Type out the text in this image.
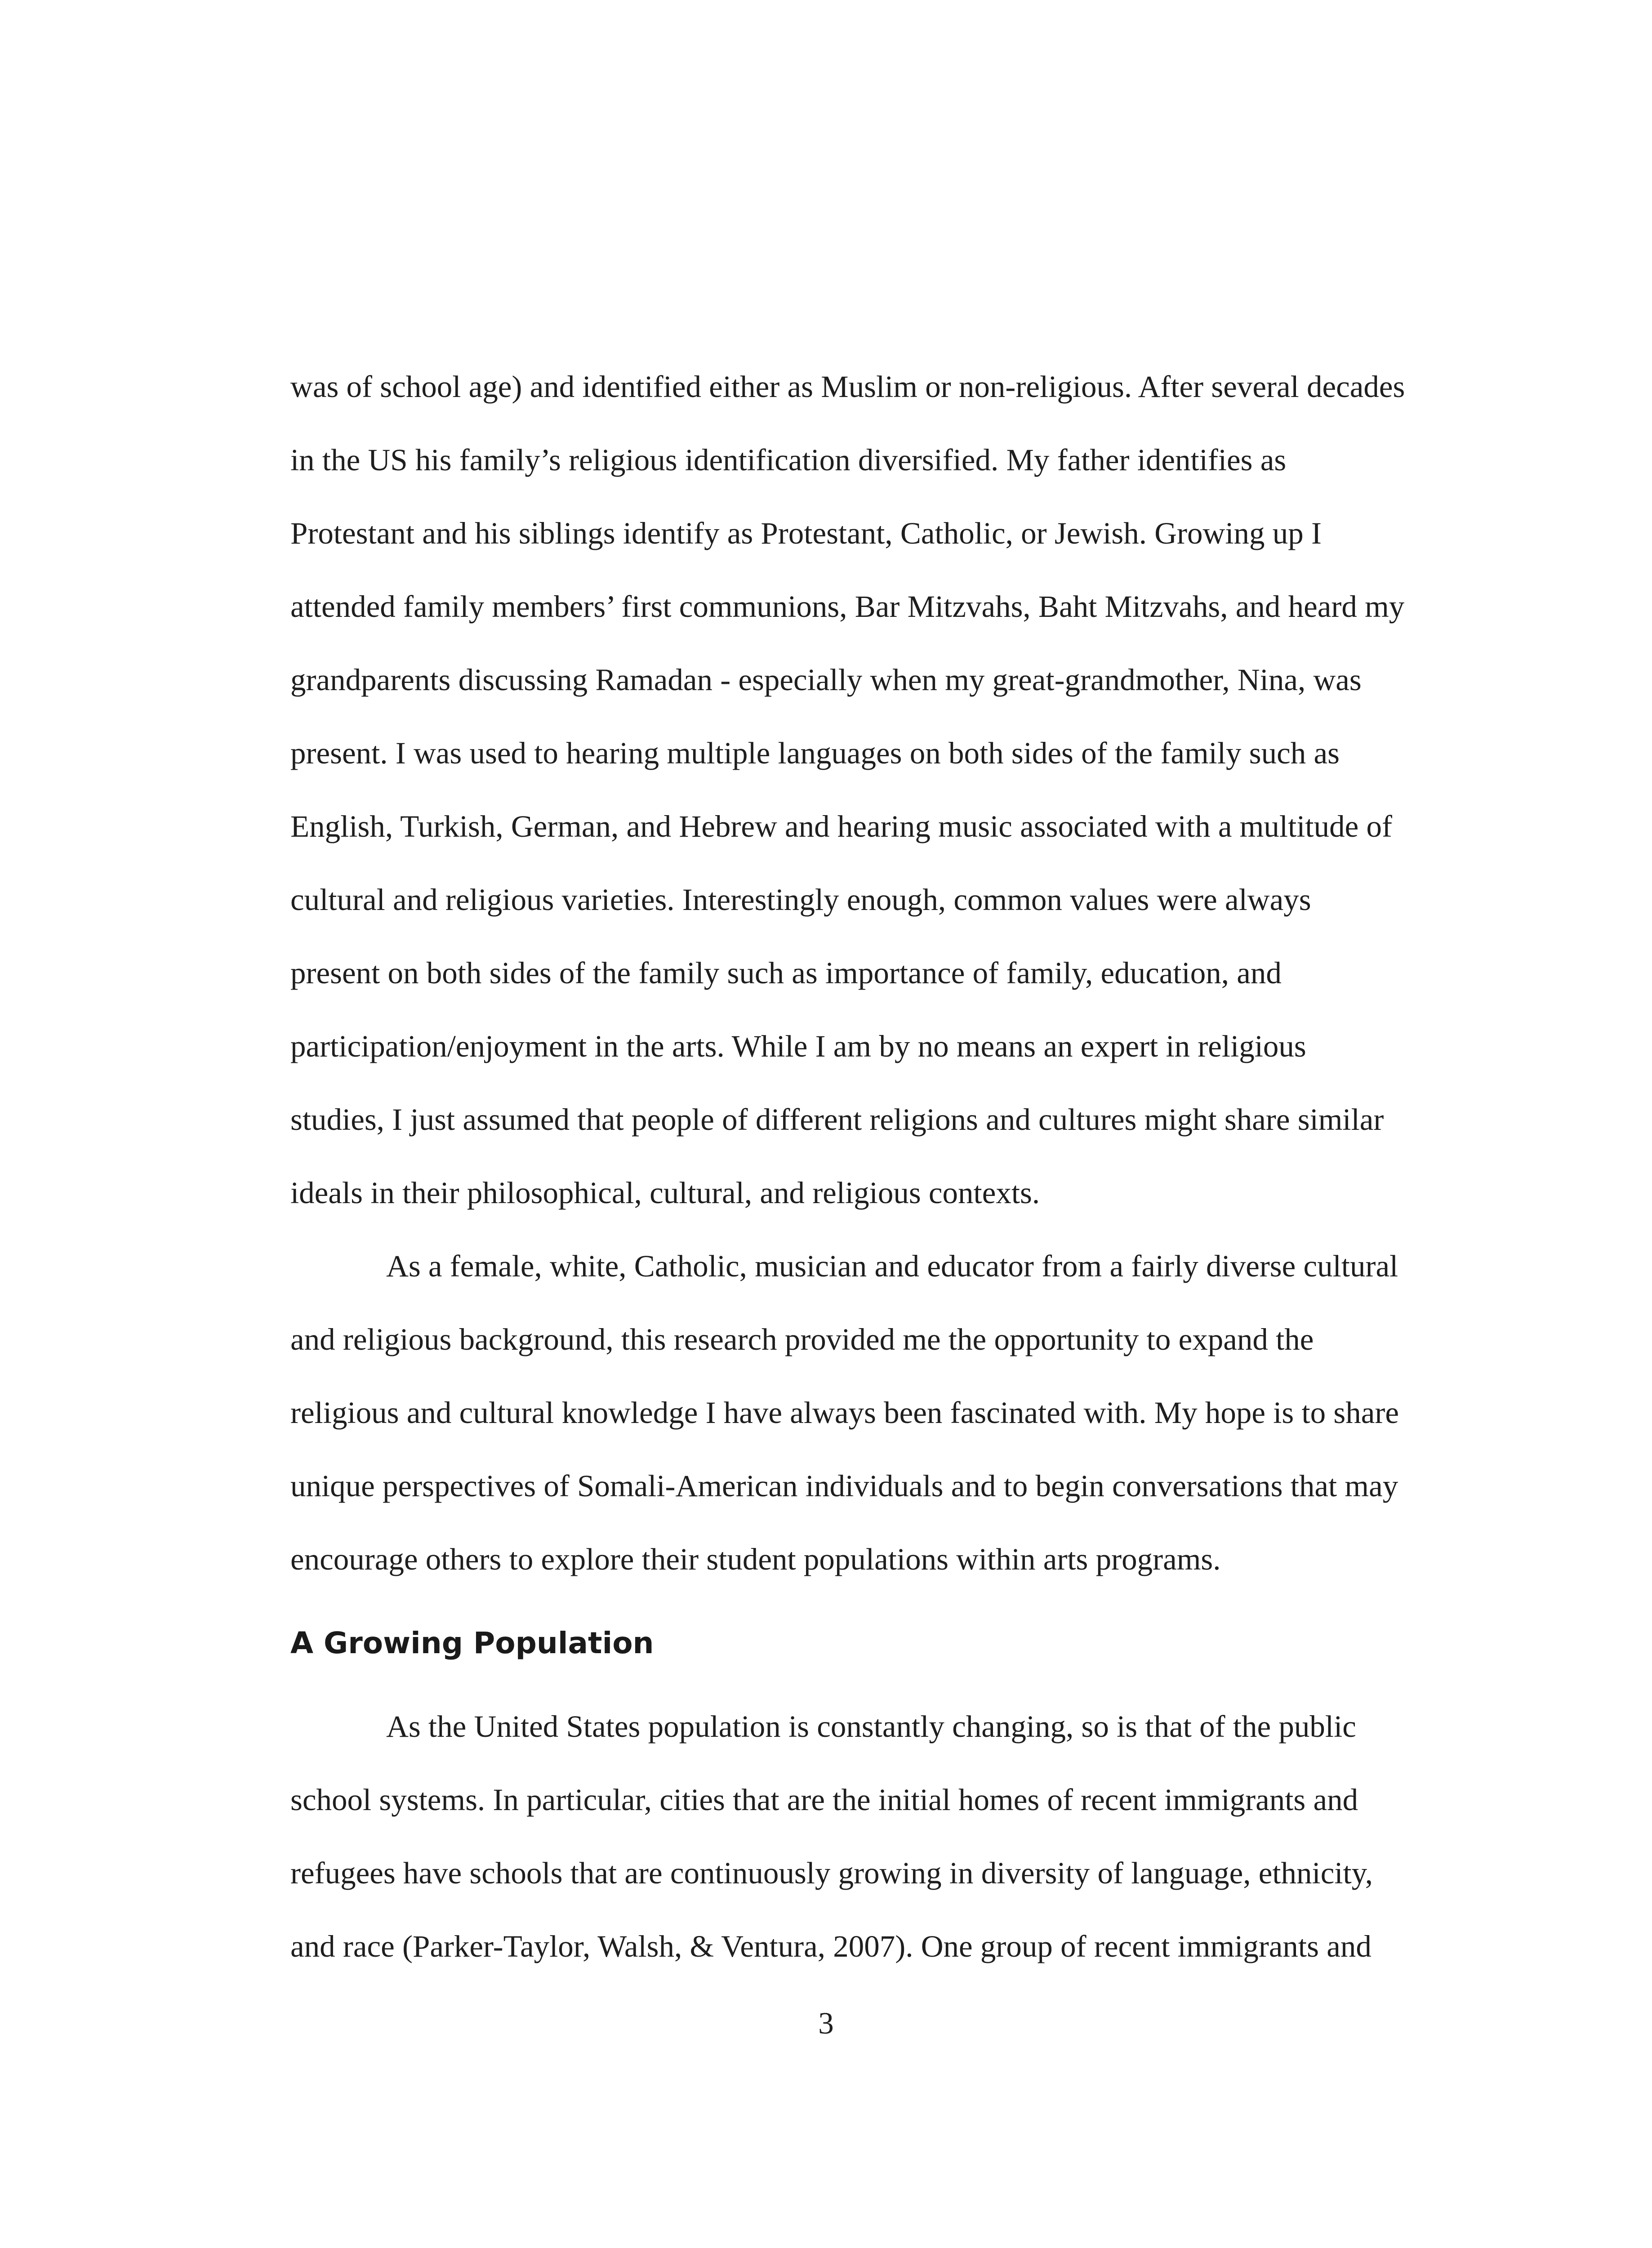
was of school age) and identified either as Muslim or non-religious. After several decades
in the US his family’s religious identification diversified. My father identifies as
Protestant and his siblings identify as Protestant, Catholic, or Jewish. Growing up I
attended family members’ first communions, Bar Mitzvahs, Baht Mitzvahs, and heard my
grandparents discussing Ramadan - especially when my great-grandmother, Nina, was
present. I was used to hearing multiple languages on both sides of the family such as
English, Turkish, German, and Hebrew and hearing music associated with a multitude of
cultural and religious varieties. Interestingly enough, common values were always
present on both sides of the family such as importance of family, education, and
participation/enjoyment in the arts. While I am by no means an expert in religious
studies, I just assumed that people of different religions and cultures might share similar
ideals in their philosophical, cultural, and religious contexts.
As a female, white, Catholic, musician and educator from a fairly diverse cultural
and religious background, this research provided me the opportunity to expand the
religious and cultural knowledge I have always been fascinated with. My hope is to share
unique perspectives of Somali-American individuals and to begin conversations that may
encourage others to explore their student populations within arts programs.
A Growing Population
As the United States population is constantly changing, so is that of the public
school systems. In particular, cities that are the initial homes of recent immigrants and
refugees have schools that are continuously growing in diversity of language, ethnicity,
and race (Parker-Taylor, Walsh, & Ventura, 2007). One group of recent immigrants and
3
